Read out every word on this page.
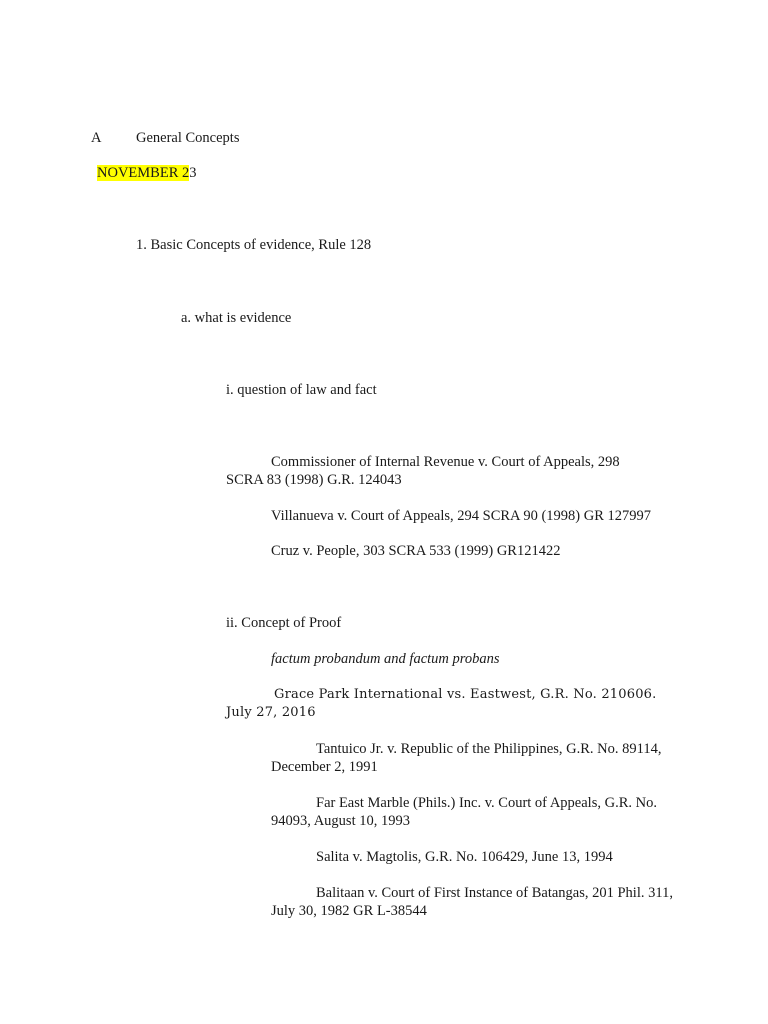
A General Concepts
NOVEMBER 23
1. Basic Concepts of evidence, Rule 128
a. what is evidence
i. question of law and fact
Commissioner of Internal Revenue v. Court of Appeals, 298 SCRA 83 (1998) G.R. 124043
Villanueva v. Court of Appeals, 294 SCRA 90 (1998) GR 127997
Cruz v. People, 303 SCRA 533 (1999) GR121422
ii. Concept of Proof
factum probandum and factum probans
Grace Park International vs. Eastwest, G.R. No. 210606. July 27, 2016
Tantuico Jr. v. Republic of the Philippines, G.R. No. 89114, December 2, 1991
Far East Marble (Phils.) Inc. v. Court of Appeals, G.R. No. 94093, August 10, 1993
Salita v. Magtolis, G.R. No. 106429, June 13, 1994
Balitaan v. Court of First Instance of Batangas, 201 Phil. 311, July 30, 1982 GR L-38544
